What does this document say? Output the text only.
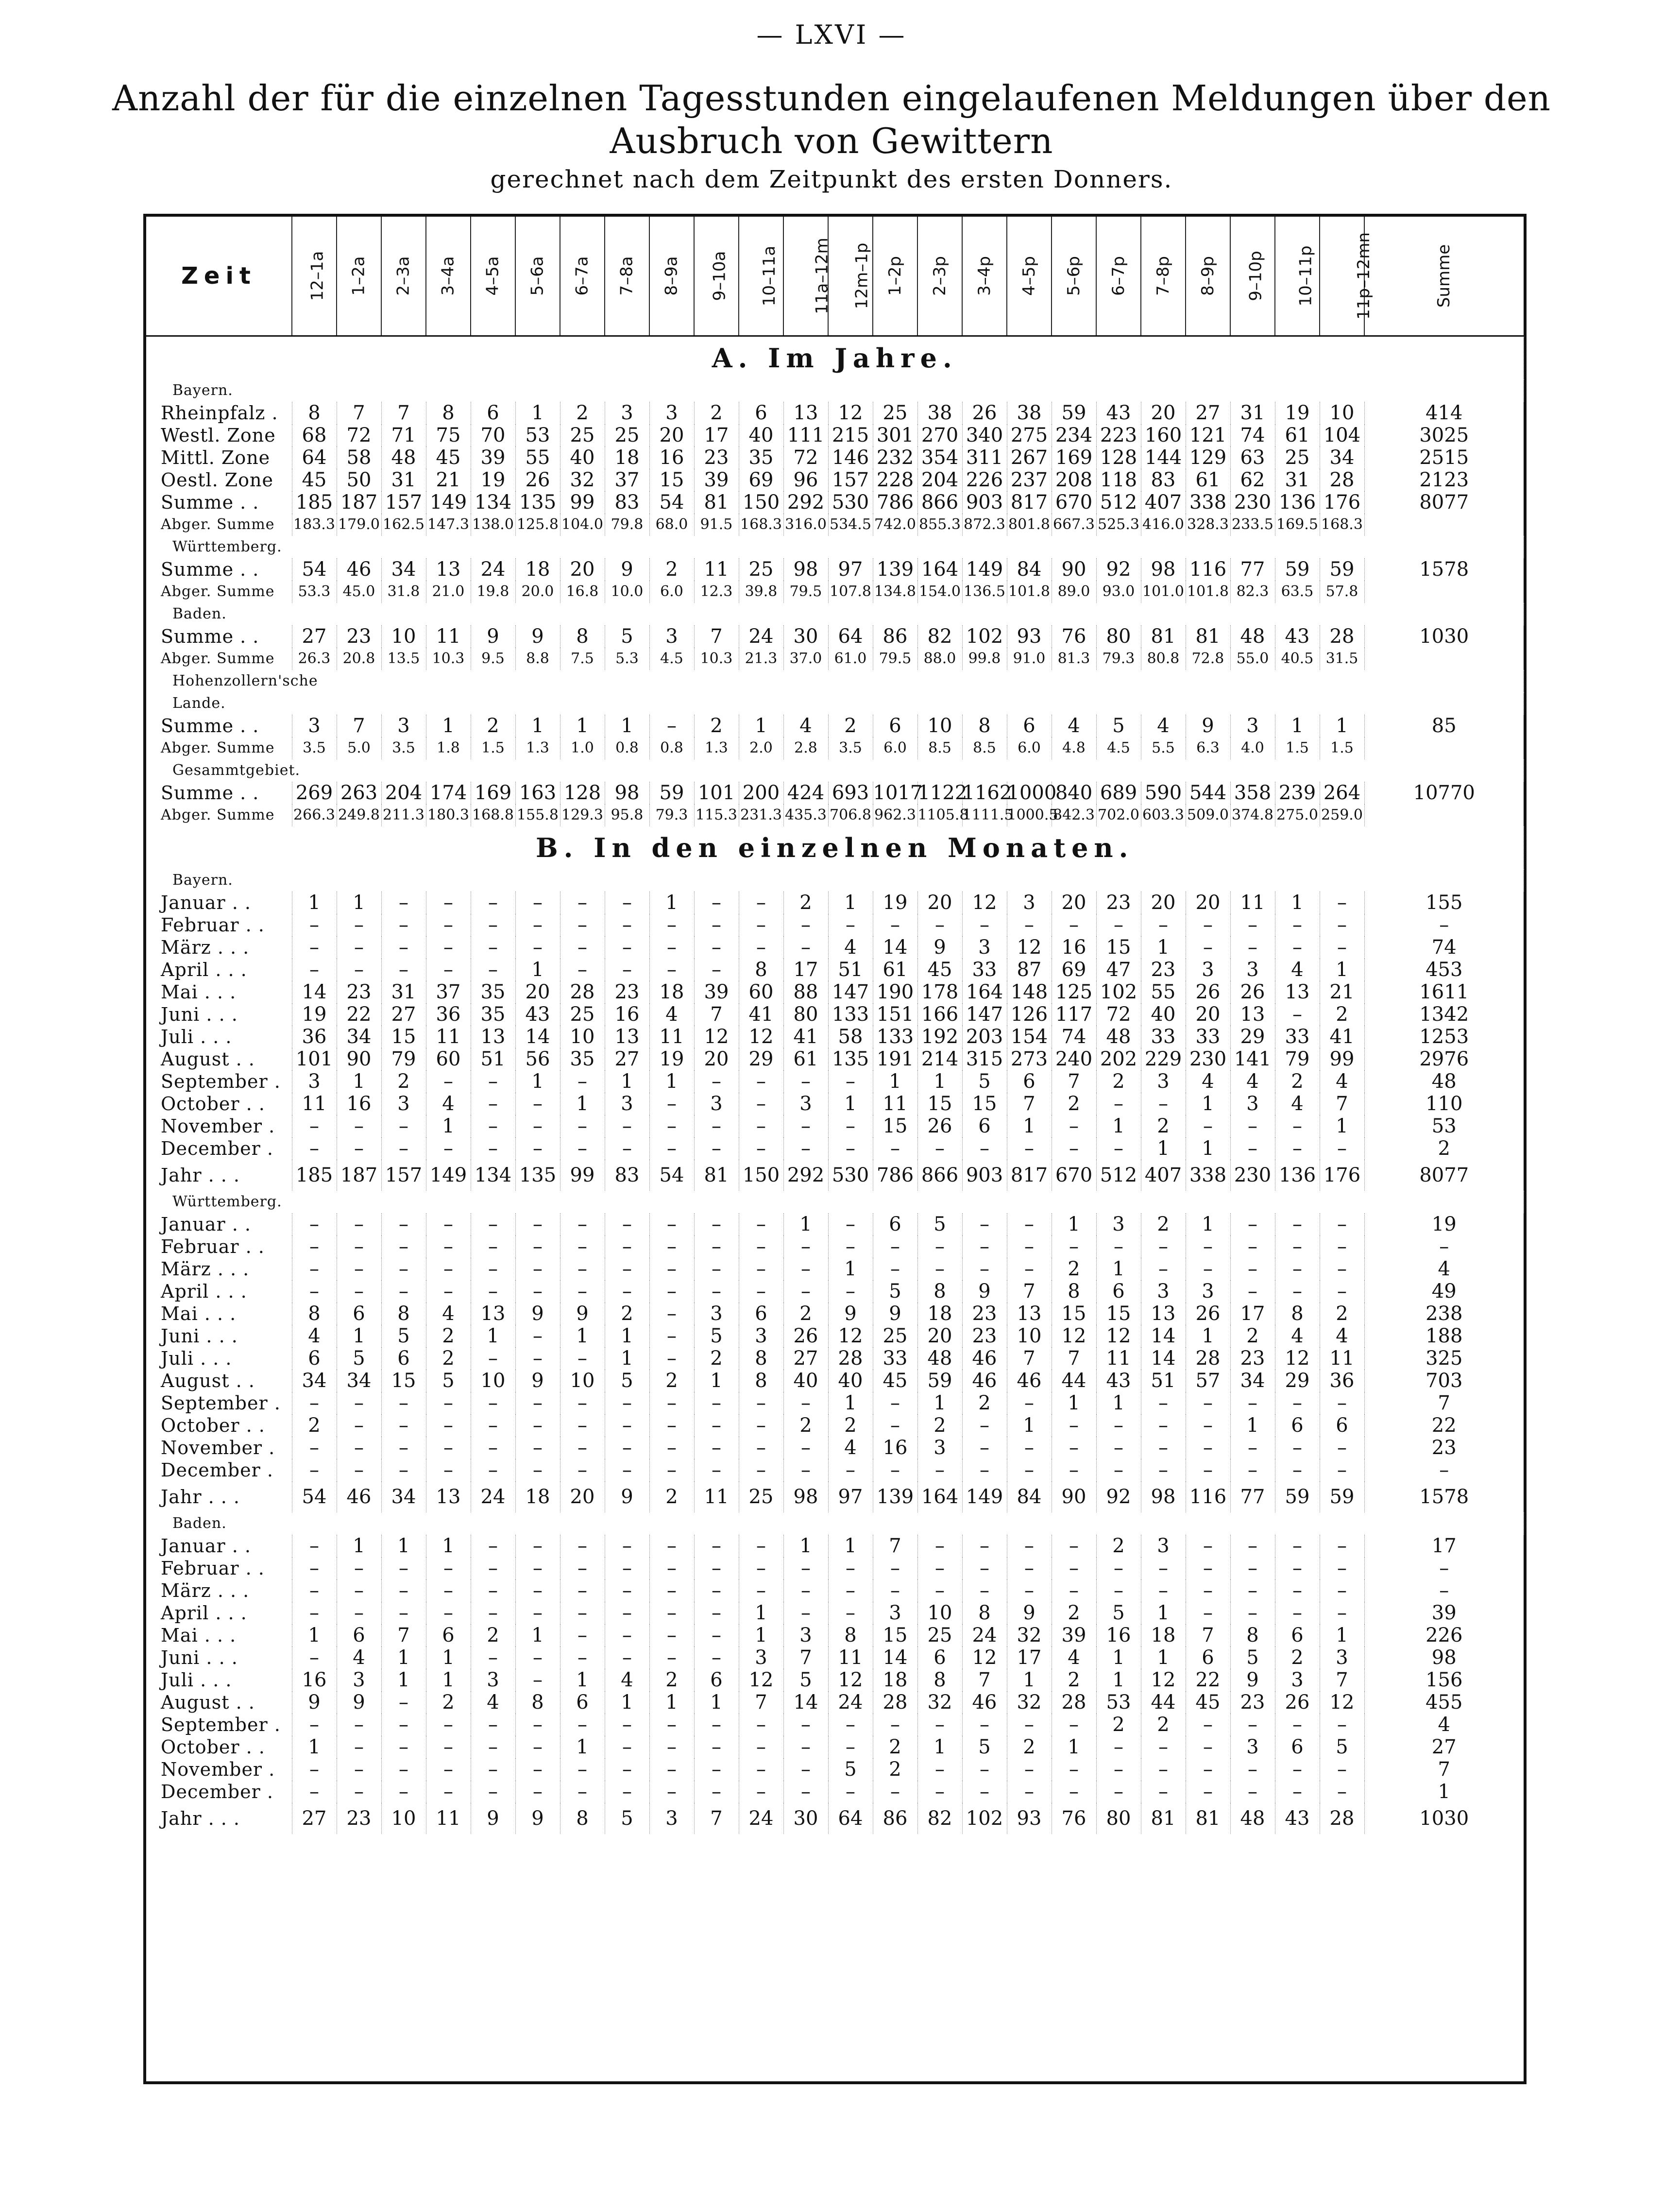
— LXVI —
Anzahl der für die einzelnen Tagesstunden eingelaufenen Meldungen über den
Ausbruch von Gewittern
gerechnet nach dem Zeitpunkt des ersten Donners.
Zeit	12–1a	1–2a	2–3a	3–4a	4–5a	5–6a	6–7a	7–8a	8–9a	9–10a	10–11a	11a–12m	12m–1p	1–2p	2–3p	3–4p	4–5p	5–6p	6–7p	7–8p	8–9p	9–10p	10–11p	11p–12mn	Summe
A. Im Jahre.																									
Bayern.																									
Rheinpfalz .	8	7	7	8	6	1	2	3	3	2	6	13	12	25	38	26	38	59	43	20	27	31	19	10	414
Westl. Zone	68	72	71	75	70	53	25	25	20	17	40	111	215	301	270	340	275	234	223	160	121	74	61	104	3025
Mittl. Zone	64	58	48	45	39	55	40	18	16	23	35	72	146	232	354	311	267	169	128	144	129	63	25	34	2515
Oestl. Zone	45	50	31	21	19	26	32	37	15	39	69	96	157	228	204	226	237	208	118	83	61	62	31	28	2123
Summe . .	185	187	157	149	134	135	99	83	54	81	150	292	530	786	866	903	817	670	512	407	338	230	136	176	8077
Abger. Summe	183.3	179.0	162.5	147.3	138.0	125.8	104.0	79.8	68.0	91.5	168.3	316.0	534.5	742.0	855.3	872.3	801.8	667.3	525.3	416.0	328.3	233.5	169.5	168.3	
Württemberg.																									
Summe . .	54	46	34	13	24	18	20	9	2	11	25	98	97	139	164	149	84	90	92	98	116	77	59	59	1578
Abger. Summe	53.3	45.0	31.8	21.0	19.8	20.0	16.8	10.0	6.0	12.3	39.8	79.5	107.8	134.8	154.0	136.5	101.8	89.0	93.0	101.0	101.8	82.3	63.5	57.8	
Baden.																									
Summe . .	27	23	10	11	9	9	8	5	3	7	24	30	64	86	82	102	93	76	80	81	81	48	43	28	1030
Abger. Summe	26.3	20.8	13.5	10.3	9.5	8.8	7.5	5.3	4.5	10.3	21.3	37.0	61.0	79.5	88.0	99.8	91.0	81.3	79.3	80.8	72.8	55.0	40.5	31.5	
Hohenzollern'sche																									
Lande.																									
Summe . .	3	7	3	1	2	1	1	1	–	2	1	4	2	6	10	8	6	4	5	4	9	3	1	1	85
Abger. Summe	3.5	5.0	3.5	1.8	1.5	1.3	1.0	0.8	0.8	1.3	2.0	2.8	3.5	6.0	8.5	8.5	6.0	4.8	4.5	5.5	6.3	4.0	1.5	1.5	
Gesammtgebiet.																									
Summe . .	269	263	204	174	169	163	128	98	59	101	200	424	693	1017	1122	1162	1000	840	689	590	544	358	239	264	10770
Abger. Summe	266.3	249.8	211.3	180.3	168.8	155.8	129.3	95.8	79.3	115.3	231.3	435.3	706.8	962.3	1105.8	1111.5	1000.5	842.3	702.0	603.3	509.0	374.8	275.0	259.0	
B. In den einzelnen Monaten.																									
Bayern.																									
Januar . .	1	1	–	–	–	–	–	–	1	–	–	2	1	19	20	12	3	20	23	20	20	11	1	–	155
Februar . .	–	–	–	–	–	–	–	–	–	–	–	–	–	–	–	–	–	–	–	–	–	–	–	–	–
März . . .	–	–	–	–	–	–	–	–	–	–	–	–	4	14	9	3	12	16	15	1	–	–	–	–	74
April . . .	–	–	–	–	–	1	–	–	–	–	8	17	51	61	45	33	87	69	47	23	3	3	4	1	453
Mai . . .	14	23	31	37	35	20	28	23	18	39	60	88	147	190	178	164	148	125	102	55	26	26	13	21	1611
Juni . . .	19	22	27	36	35	43	25	16	4	7	41	80	133	151	166	147	126	117	72	40	20	13	–	2	1342
Juli . . .	36	34	15	11	13	14	10	13	11	12	12	41	58	133	192	203	154	74	48	33	33	29	33	41	1253
August . .	101	90	79	60	51	56	35	27	19	20	29	61	135	191	214	315	273	240	202	229	230	141	79	99	2976
September .	3	1	2	–	–	1	–	1	1	–	–	–	–	1	1	5	6	7	2	3	4	4	2	4	48
October . .	11	16	3	4	–	–	1	3	–	3	–	3	1	11	15	15	7	2	–	–	1	3	4	7	110
November .	–	–	–	1	–	–	–	–	–	–	–	–	–	15	26	6	1	–	1	2	–	–	–	1	53
December .	–	–	–	–	–	–	–	–	–	–	–	–	–	–	–	–	–	–	–	1	1	–	–	–	2
Jahr . . .	185	187	157	149	134	135	99	83	54	81	150	292	530	786	866	903	817	670	512	407	338	230	136	176	8077
Württemberg.																									
Januar . .	–	–	–	–	–	–	–	–	–	–	–	1	–	6	5	–	–	1	3	2	1	–	–	–	19
Februar . .	–	–	–	–	–	–	–	–	–	–	–	–	–	–	–	–	–	–	–	–	–	–	–	–	–
März . . .	–	–	–	–	–	–	–	–	–	–	–	–	1	–	–	–	–	2	1	–	–	–	–	–	4
April . . .	–	–	–	–	–	–	–	–	–	–	–	–	–	5	8	9	7	8	6	3	3	–	–	–	49
Mai . . .	8	6	8	4	13	9	9	2	–	3	6	2	9	9	18	23	13	15	15	13	26	17	8	2	238
Juni . . .	4	1	5	2	1	–	1	1	–	5	3	26	12	25	20	23	10	12	12	14	1	2	4	4	188
Juli . . .	6	5	6	2	–	–	–	1	–	2	8	27	28	33	48	46	7	7	11	14	28	23	12	11	325
August . .	34	34	15	5	10	9	10	5	2	1	8	40	40	45	59	46	46	44	43	51	57	34	29	36	703
September .	–	–	–	–	–	–	–	–	–	–	–	–	1	–	1	2	–	1	1	–	–	–	–	–	7
October . .	2	–	–	–	–	–	–	–	–	–	–	2	2	–	2	–	1	–	–	–	–	1	6	6	22
November .	–	–	–	–	–	–	–	–	–	–	–	–	4	16	3	–	–	–	–	–	–	–	–	–	23
December .	–	–	–	–	–	–	–	–	–	–	–	–	–	–	–	–	–	–	–	–	–	–	–	–	–
Jahr . . .	54	46	34	13	24	18	20	9	2	11	25	98	97	139	164	149	84	90	92	98	116	77	59	59	1578
Baden.																									
Januar . .	–	1	1	1	–	–	–	–	–	–	–	1	1	7	–	–	–	–	2	3	–	–	–	–	17
Februar . .	–	–	–	–	–	–	–	–	–	–	–	–	–	–	–	–	–	–	–	–	–	–	–	–	–
März . . .	–	–	–	–	–	–	–	–	–	–	–	–	–	–	–	–	–	–	–	–	–	–	–	–	–
April . . .	–	–	–	–	–	–	–	–	–	–	1	–	–	3	10	8	9	2	5	1	–	–	–	–	39
Mai . . .	1	6	7	6	2	1	–	–	–	–	1	3	8	15	25	24	32	39	16	18	7	8	6	1	226
Juni . . .	–	4	1	1	–	–	–	–	–	–	3	7	11	14	6	12	17	4	1	1	6	5	2	3	98
Juli . . .	16	3	1	1	3	–	1	4	2	6	12	5	12	18	8	7	1	2	1	12	22	9	3	7	156
August . .	9	9	–	2	4	8	6	1	1	1	7	14	24	28	32	46	32	28	53	44	45	23	26	12	455
September .	–	–	–	–	–	–	–	–	–	–	–	–	–	–	–	–	–	–	2	2	–	–	–	–	4
October . .	1	–	–	–	–	–	1	–	–	–	–	–	–	2	1	5	2	1	–	–	–	3	6	5	27
November .	–	–	–	–	–	–	–	–	–	–	–	–	5	2	–	–	–	–	–	–	–	–	–	–	7
December .	–	–	–	–	–	–	–	–	–	–	–	–	–	–	–	–	–	–	–	–	–	–	–	–	1
Jahr . . .	27	23	10	11	9	9	8	5	3	7	24	30	64	86	82	102	93	76	80	81	81	48	43	28	1030
